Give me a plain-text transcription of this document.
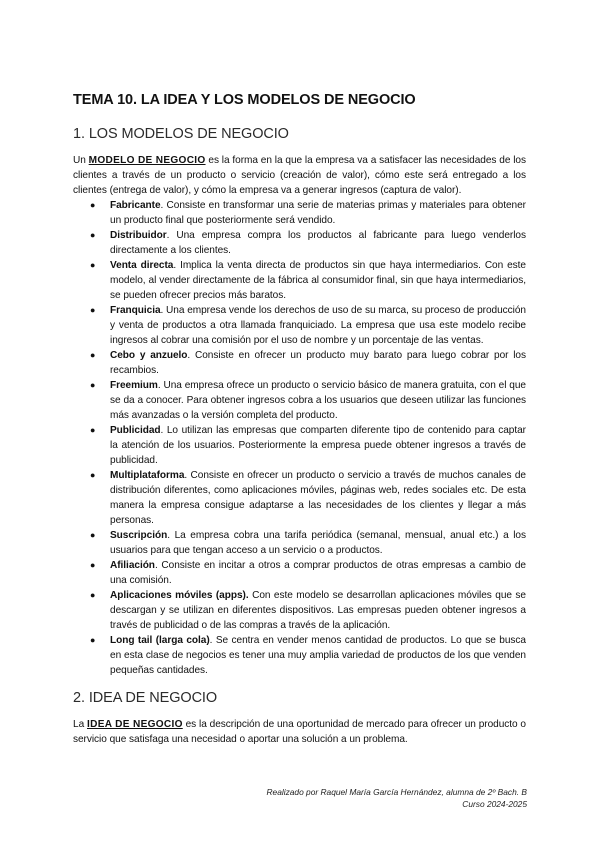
TEMA 10. LA IDEA Y LOS MODELOS DE NEGOCIO
1. LOS MODELOS DE NEGOCIO

Un MODELO DE NEGOCIO es la forma en la que la empresa va a satisfacer las necesidades de los clientes a través de un producto o servicio (creación de valor), cómo este será entregado a los clientes (entrega de valor), y cómo la empresa va a generar ingresos (captura de valor).

●	Fabricante. Consiste en transformar una serie de materias primas y materiales para obtener un producto final que posteriormente será vendido.
●	Distribuidor. Una empresa compra los productos al fabricante para luego venderlos directamente a los clientes.
●	Venta directa. Implica la venta directa de productos sin que haya intermediarios. Con este modelo, al vender directamente de la fábrica al consumidor final, sin que haya intermediarios, se pueden ofrecer precios más baratos.
●	Franquicia. Una empresa vende los derechos de uso de su marca, su proceso de producción y venta de productos a otra llamada franquiciado. La empresa que usa este modelo recibe ingresos al cobrar una comisión por el uso de nombre y un porcentaje de las ventas.
●	Cebo y anzuelo. Consiste en ofrecer un producto muy barato para luego cobrar por los recambios.
●	Freemium. Una empresa ofrece un producto o servicio básico de manera gratuita, con el que se da a conocer. Para obtener ingresos cobra a los usuarios que deseen utilizar las funciones más avanzadas o la versión completa del producto.
●	Publicidad. Lo utilizan las empresas que comparten diferente tipo de contenido para captar la atención de los usuarios. Posteriormente la empresa puede obtener ingresos a través de publicidad.
●	Multiplataforma. Consiste en ofrecer un producto o servicio a través de muchos canales de distribución diferentes, como aplicaciones móviles, páginas web, redes sociales etc. De esta manera la empresa consigue adaptarse a las necesidades de los clientes y llegar a más personas.
●	Suscripción. La empresa cobra una tarifa periódica (semanal, mensual, anual etc.) a los usuarios para que tengan acceso a un servicio o a productos.
●	Afiliación. Consiste en incitar a otros a comprar productos de otras empresas a cambio de una comisión.
●	Aplicaciones móviles (apps). Con este modelo se desarrollan aplicaciones móviles que se descargan y se utilizan en diferentes dispositivos. Las empresas pueden obtener ingresos a través de publicidad o de las compras a través de la aplicación.
●	Long tail (larga cola). Se centra en vender menos cantidad de productos. Lo que se busca en esta clase de negocios es tener una muy amplia variedad de productos de los que venden pequeñas cantidades.
2. IDEA DE NEGOCIO

La IDEA DE NEGOCIO es la descripción de una oportunidad de mercado para ofrecer un producto o servicio que satisfaga una necesidad o aportar una solución a un problema.

Realizado por Raquel María García Hernández, alumna de 2º Bach. B
Curso 2024-2025
